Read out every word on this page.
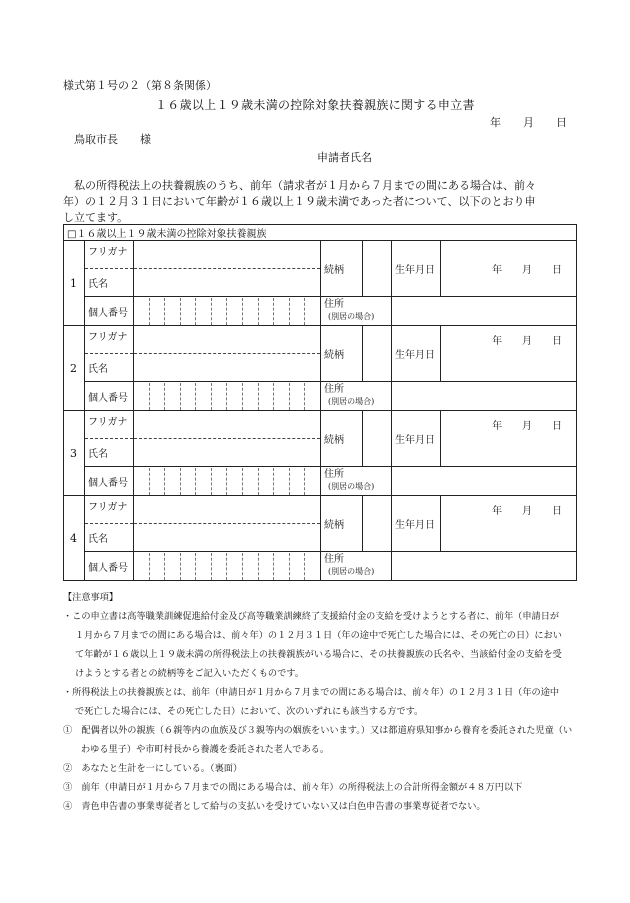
様式第１号の２（第８条関係）
１６歳以上１９歳未満の控除対象扶養親族に関する申立書
年　　月　　日
鳥取市長　　様
申請者氏名
　私の所得税法上の扶養親族のうち、前年（請求者が１月から７月までの間にある場合は、前々
年）の１２月３１日において年齢が１６歳以上１９歳未満であった者について、以下のとおり申
し立てます。
□１６歳以上１９歳未満の控除対象扶養親族						
1	フリガナ		続柄		生年月日	年　　月　　日
	氏名					
	個人番号		住所
(別居の場合)			

2	フリガナ		続柄		生年月日	年　　月　　日
	氏名					
	個人番号		住所
(別居の場合)			

3	フリガナ		続柄		生年月日	年　　月　　日
	氏名					
	個人番号		住所
(別居の場合)			

4	フリガナ		続柄		生年月日	年　　月　　日
	氏名					
	個人番号		住所
(別居の場合)			

【注意事項】
・この申立書は高等職業訓練促進給付金及び高等職業訓練終了支援給付金の支給を受けようとする者に、前年（申請日が
１月から７月までの間にある場合は、前々年）の１２月３１日（年の途中で死亡した場合には、その死亡の日）におい
て年齢が１６歳以上１９歳未満の所得税法上の扶養親族がいる場合に、その扶養親族の氏名や、当該給付金の支給を受
けようとする者との続柄等をご記入いただくものです。
・所得税法上の扶養親族とは、前年（申請日が１月から７月までの間にある場合は、前々年）の１２月３１日（年の途中
で死亡した場合には、その死亡した日）において、次のいずれにも該当する方です。
①　配偶者以外の親族（６親等内の血族及び３親等内の姻族をいいます。）又は都道府県知事から養育を委託された児童（い
わゆる里子）や市町村長から養護を委託された老人である。
②　あなたと生計を一にしている。（裏面）
③　前年（申請日が１月から７月までの間にある場合は、前々年）の所得税法上の合計所得金額が４８万円以下
④　青色申告書の事業専従者として給与の支払いを受けていない又は白色申告書の事業専従者でない。
